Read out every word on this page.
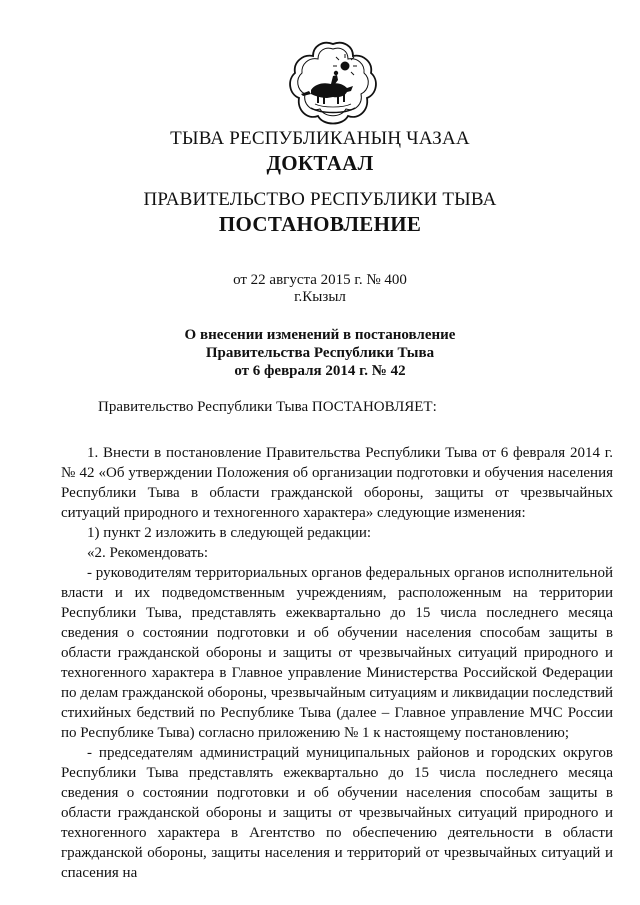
ТЫВА РЕСПУБЛИКАНЫҢ ЧАЗАА
ДОКТААЛ
ПРАВИТЕЛЬСТВО РЕСПУБЛИКИ ТЫВА
ПОСТАНОВЛЕНИЕ
от 22 августа 2015 г. № 400
г.Кызыл
О внесении изменений в постановление
Правительства Республики Тыва
от 6 февраля 2014 г. № 42
Правительство Республики Тыва ПОСТАНОВЛЯЕТ:

1. Внести в постановление Правительства Республики Тыва от 6 февраля 2014 г. № 42 «Об утверждении Положения об организации подготовки и обучения населения Республики Тыва в области гражданской обороны, защиты от чрезвычайных ситуаций природного и техногенного характера» следующие изменения:

1) пункт 2 изложить в следующей редакции:

«2. Рекомендовать:

- руководителям территориальных органов федеральных органов исполнительной власти и их подведомственным учреждениям, расположенным на территории Республики Тыва, представлять ежеквартально до 15 числа последнего месяца сведения о состоянии подготовки и об обучении населения способам защиты в области гражданской обороны и защиты от чрезвычайных ситуаций природного и техногенного характера в Главное управление Министерства Российской Федерации по делам гражданской обороны, чрезвычайным ситуациям и ликвидации последствий стихийных бедствий по Республике Тыва (далее – Главное управление МЧС России по Республике Тыва) согласно приложению № 1 к настоящему постановлению;

- председателям администраций муниципальных районов и городских округов Республики Тыва представлять ежеквартально до 15 числа последнего месяца сведения о состоянии подготовки и об обучении населения способам защиты в области гражданской обороны и защиты от чрезвычайных ситуаций природного и техногенного характера в Агентство по обеспечению деятельности в области гражданской обороны, защиты населения и территорий от чрезвычайных ситуаций и спасения на
